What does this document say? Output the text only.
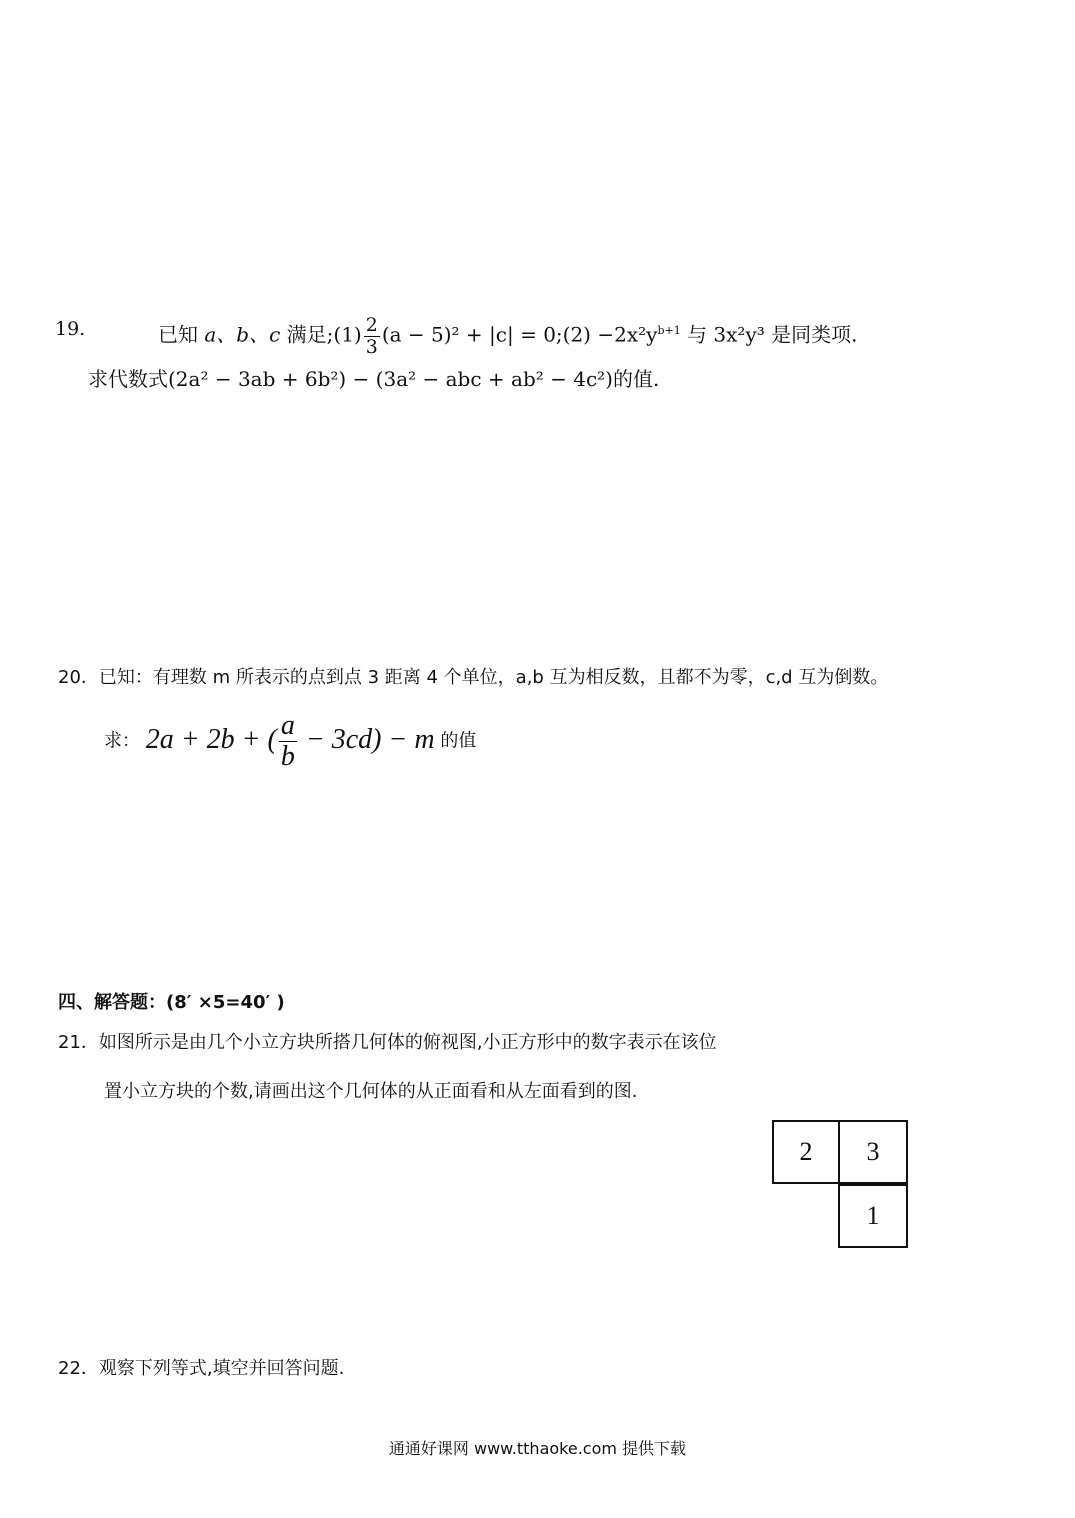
19.	已知 a、b、c 满足;(1) $\frac{2}{3} (a - 5)^2 + |c|$ = 0;(2) $-2x^2y^{b+1}$ 与 3x²y³ 是同类项.
求代数式(2a² − 3ab + 6b²) − (3a² − abc + ab² − 4c²)的值.
20．已知：有理数 m 所表示的点到点 3 距离 4 个单位，a,b 互为相反数，且都不为零，c,d 互为倒数。
求： 2a + 2b + ( $\frac{a}{b} - 3cd) - m$ 的值
四、解答题：(8′ ×5=40′ )
21．如图所示是由几个小立方块所搭几何体的俯视图,小正方形中的数字表示在该位
置小立方块的个数,请画出这个几何体的从正面看和从左面看到的图.
2	3
1
22．观察下列等式,填空并回答问题.
通通好课网 www.tthaoke.com 提供下载
